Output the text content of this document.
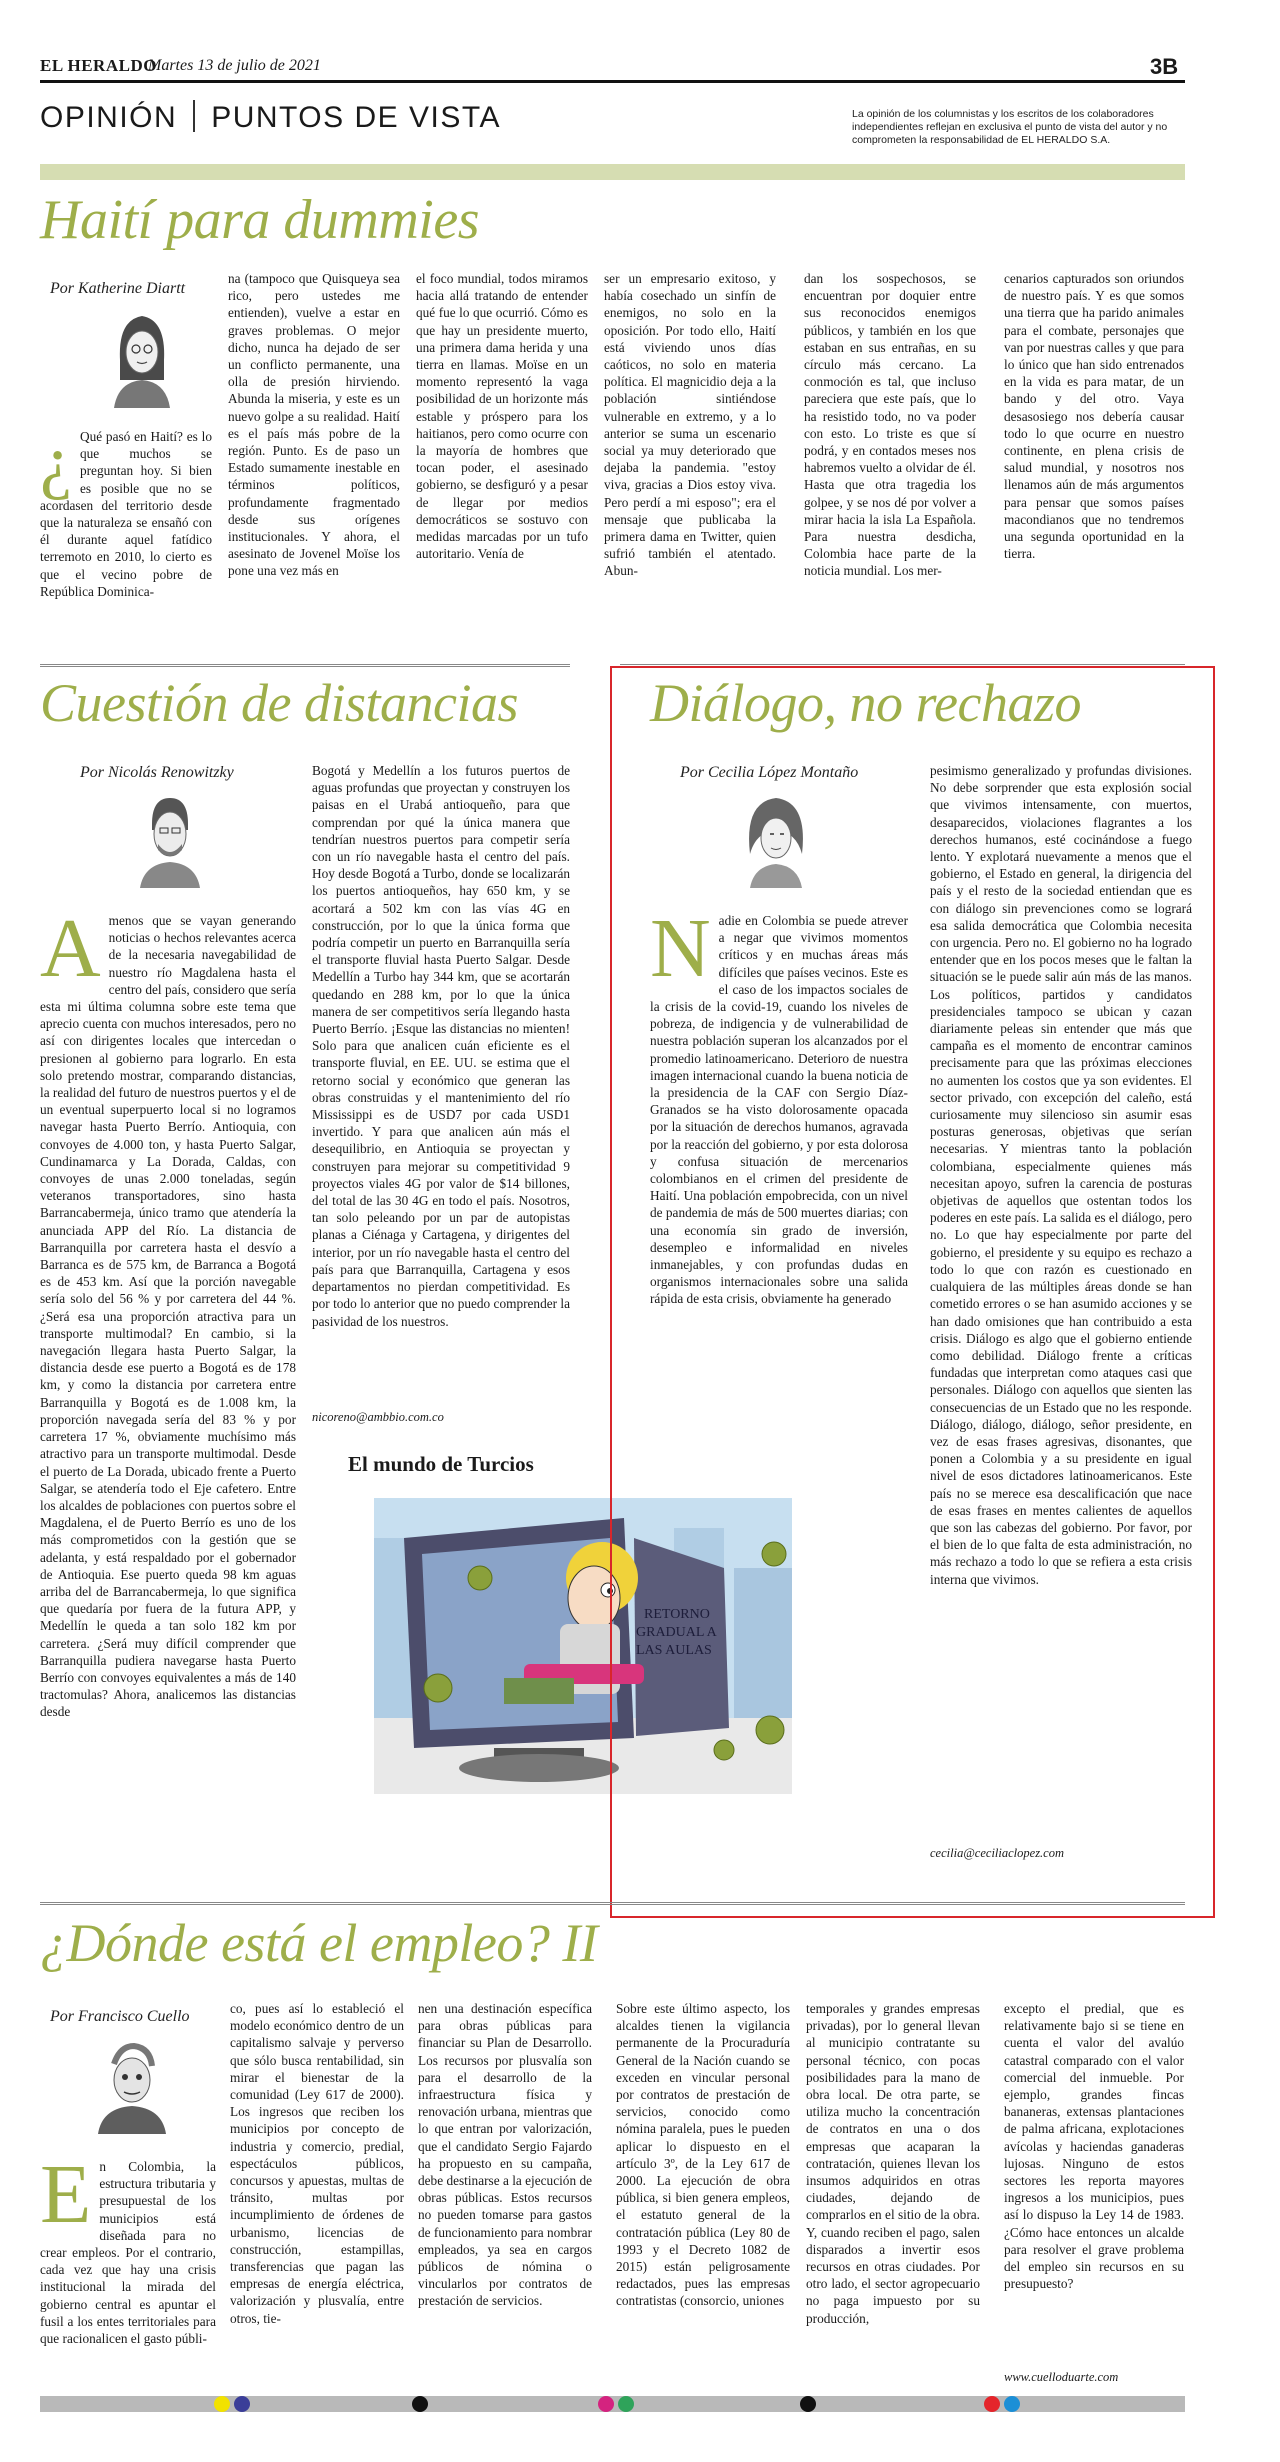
EL HERALDO
Martes 13 de julio de 2021	3B
OPINIÓN PUNTOS DE VISTA	La opinión de los columnistas y los escritos de los colaboradores independientes reflejan en exclusiva el punto de vista del autor y no comprometen la responsabilidad de EL HERALDO S.A.
Haití para dummies
Por Katherine Diartt
¿ Qué pasó en Haití? es lo que muchos se preguntan hoy. Si bien es posible que no se acordasen del territorio desde que la naturaleza se ensañó con él durante aquel fatídico terremoto en 2010, lo cierto es que el vecino pobre de República Dominica-
na (tampoco que Quisqueya sea rico, pero ustedes me entienden), vuelve a estar en graves problemas. O mejor dicho, nunca ha dejado de ser un conflicto permanente, una olla de presión hirviendo. Abunda la miseria, y este es un nuevo golpe a su realidad. Haití es el país más pobre de la región. Punto. Es de paso un Estado sumamente inestable en términos políticos, profundamente fragmentado desde sus orígenes institucionales. Y ahora, el asesinato de Jovenel Moïse los pone una vez más en
el foco mundial, todos miramos hacia allá tratando de entender qué fue lo que ocurrió. Cómo es que hay un presidente muerto, una primera dama herida y una tierra en llamas. Moïse en un momento representó la vaga posibilidad de un horizonte más estable y próspero para los haitianos, pero como ocurre con la mayoría de hombres que tocan poder, el asesinado gobierno, se desfiguró y a pesar de llegar por medios democráticos se sostuvo con medidas marcadas por un tufo autoritario. Venía de
ser un empresario exitoso, y había cosechado un sinfín de enemigos, no solo en la oposición. Por todo ello, Haití está viviendo unos días caóticos, no solo en materia política. El magnicidio deja a la población sintiéndose vulnerable en extremo, y a lo anterior se suma un escenario social ya muy deteriorado que dejaba la pandemia. "estoy viva, gracias a Dios estoy viva. Pero perdí a mi esposo"; era el mensaje que publicaba la primera dama en Twitter, quien sufrió también el atentado. Abun-
dan los sospechosos, se encuentran por doquier entre sus reconocidos enemigos públicos, y también en los que estaban en sus entrañas, en su círculo más cercano. La conmoción es tal, que incluso pareciera que este país, que lo ha resistido todo, no va poder con esto. Lo triste es que sí podrá, y en contados meses nos habremos vuelto a olvidar de él. Hasta que otra tragedia los golpee, y se nos dé por volver a mirar hacia la isla La Española. Para nuestra desdicha, Colombia hace parte de la noticia mundial. Los mer-
cenarios capturados son oriundos de nuestro país. Y es que somos una tierra que ha parido animales para el combate, personajes que van por nuestras calles y que para lo único que han sido entrenados en la vida es para matar, de un bando y del otro. Vaya desasosiego nos debería causar todo lo que ocurre en nuestro continente, en plena crisis de salud mundial, y nosotros nos llenamos aún de más argumentos para pensar que somos países macondianos que no tendremos una segunda oportunidad en la tierra.
Cuestión de distancias
Por Nicolás Renowitzky
Amenos que se vayan generando noticias o hechos relevantes acerca de la necesaria navegabilidad de nuestro río Magdalena hasta el centro del país, considero que sería esta mi última columna sobre este tema que aprecio cuenta con muchos interesados, pero no así con dirigentes locales que intercedan o presionen al gobierno para lograrlo. En esta solo pretendo mostrar, comparando distancias, la realidad del futuro de nuestros puertos y el de un eventual superpuerto local si no logramos navegar hasta Puerto Berrío. Antioquia, con convoyes de 4.000 ton, y hasta Puerto Salgar, Cundinamarca y La Dorada, Caldas, con convoyes de unas 2.000 toneladas, según veteranos transportadores, sino hasta Barrancabermeja, único tramo que atendería la anunciada APP del Río. La distancia de Barranquilla por carretera hasta el desvío a Barranca es de 575 km, de Barranca a Bogotá es de 453 km. Así que la porción navegable sería solo del 56 % y por carretera del 44 %. ¿Será esa una proporción atractiva para un transporte multimodal? En cambio, si la navegación llegara hasta Puerto Salgar, la distancia desde ese puerto a Bogotá es de 178 km, y como la distancia por carretera entre Barranquilla y Bogotá es de 1.008 km, la proporción navegada sería del 83 % y por carretera 17 %, obviamente muchísimo más atractivo para un transporte multimodal. Desde el puerto de La Dorada, ubicado frente a Puerto Salgar, se atendería todo el Eje cafetero. Entre los alcaldes de poblaciones con puertos sobre el Magdalena, el de Puerto Berrío es uno de los más comprometidos con la gestión que se adelanta, y está respaldado por el gobernador de Antioquia. Ese puerto queda 98 km aguas arriba del de Barrancabermeja, lo que significa que quedaría por fuera de la futura APP, y Medellín le queda a tan solo 182 km por carretera. ¿Será muy difícil comprender que Barranquilla pudiera navegarse hasta Puerto Berrío con convoyes equivalentes a más de 140 tractomulas? Ahora, analicemos las distancias desde
Bogotá y Medellín a los futuros puertos de aguas profundas que proyectan y construyen los paisas en el Urabá antioqueño, para que comprendan por qué la única manera que tendrían nuestros puertos para competir sería con un río navegable hasta el centro del país. Hoy desde Bogotá a Turbo, donde se localizarán los puertos antioqueños, hay 650 km, y se acortará a 502 km con las vías 4G en construcción, por lo que la única forma que podría competir un puerto en Barranquilla sería el transporte fluvial hasta Puerto Salgar. Desde Medellín a Turbo hay 344 km, que se acortarán quedando en 288 km, por lo que la única manera de ser competitivos sería llegando hasta Puerto Berrío. ¡Esque las distancias no mienten! Solo para que analicen cuán eficiente es el transporte fluvial, en EE. UU. se estima que el retorno social y económico que generan las obras construidas y el mantenimiento del río Mississippi es de USD7 por cada USD1 invertido. Y para que analicen aún más el desequilibrio, en Antioquia se proyectan y construyen para mejorar su competitividad 9 proyectos viales 4G por valor de $14 billones, del total de las 30 4G en todo el país. Nosotros, tan solo peleando por un par de autopistas planas a Ciénaga y Cartagena, y dirigentes del interior, por un río navegable hasta el centro del país para que Barranquilla, Cartagena y esos departamentos no pierdan competitividad. Es por todo lo anterior que no puedo comprender la pasividad de los nuestros.
nicoreno@ambbio.com.co
El mundo de Turcios
RETORNO
GRADUAL A
LAS AULAS
Diálogo, no rechazo
Por Cecilia López Montaño
Nadie en Colombia se puede atrever a negar que vivimos momentos críticos y en muchas áreas más difíciles que países vecinos. Este es el caso de los impactos sociales de la crisis de la covid-19, cuando los niveles de pobreza, de indigencia y de vulnerabilidad de nuestra población superan los alcanzados por el promedio latinoamericano. Deterioro de nuestra imagen internacional cuando la buena noticia de la presidencia de la CAF con Sergio Díaz-Granados se ha visto dolorosamente opacada por la situación de derechos humanos, agravada por la reacción del gobierno, y por esta dolorosa y confusa situación de mercenarios colombianos en el crimen del presidente de Haití. Una población empobrecida, con un nivel de pandemia de más de 500 muertes diarias; con una economía sin grado de inversión, desempleo e informalidad en niveles inmanejables, y con profundas dudas en organismos internacionales sobre una salida rápida de esta crisis, obviamente ha generado
pesimismo generalizado y profundas divisiones. No debe sorprender que esta explosión social que vivimos intensamente, con muertos, desaparecidos, violaciones flagrantes a los derechos humanos, esté cocinándose a fuego lento. Y explotará nuevamente a menos que el gobierno, el Estado en general, la dirigencia del país y el resto de la sociedad entiendan que es con diálogo sin prevenciones como se logrará esa salida democrática que Colombia necesita con urgencia. Pero no. El gobierno no ha logrado entender que en los pocos meses que le faltan la situación se le puede salir aún más de las manos. Los políticos, partidos y candidatos presidenciales tampoco se ubican y cazan diariamente peleas sin entender que más que campaña es el momento de encontrar caminos precisamente para que las próximas elecciones no aumenten los costos que ya son evidentes. El sector privado, con excepción del caleño, está curiosamente muy silencioso sin asumir esas posturas generosas, objetivas que serían necesarias. Y mientras tanto la población colombiana, especialmente quienes más necesitan apoyo, sufren la carencia de posturas objetivas de aquellos que ostentan todos los poderes en este país. La salida es el diálogo, pero no. Lo que hay especialmente por parte del gobierno, el presidente y su equipo es rechazo a todo lo que con razón es cuestionado en cualquiera de las múltiples áreas donde se han cometido errores o se han asumido acciones y se han dado omisiones que han contribuido a esta crisis. Diálogo es algo que el gobierno entiende como debilidad. Diálogo frente a críticas fundadas que interpretan como ataques casi que personales. Diálogo con aquellos que sienten las consecuencias de un Estado que no les responde. Diálogo, diálogo, diálogo, señor presidente, en vez de esas frases agresivas, disonantes, que ponen a Colombia y a su presidente en igual nivel de esos dictadores latinoamericanos. Este país no se merece esa descalificación que nace de esas frases en mentes calientes de aquellos que son las cabezas del gobierno. Por favor, por el bien de lo que falta de esta administración, no más rechazo a todo lo que se refiera a esta crisis interna que vivimos.
cecilia@ceciliaclopez.com
¿Dónde está el empleo? II
Por Francisco Cuello
En Colombia, la estructura tributaria y presupuestal de los municipios está diseñada para no crear empleos. Por el contrario, cada vez que hay una crisis institucional la mirada del gobierno central es apuntar el fusil a los entes territoriales para que racionalicen el gasto públi-
co, pues así lo estableció el modelo económico dentro de un capitalismo salvaje y perverso que sólo busca rentabilidad, sin mirar el bienestar de la comunidad (Ley 617 de 2000). Los ingresos que reciben los municipios por concepto de industria y comercio, predial, espectáculos públicos, concursos y apuestas, multas de tránsito, multas por incumplimiento de órdenes de urbanismo, licencias de construcción, estampillas, transferencias que pagan las empresas de energía eléctrica, valorización y plusvalía, entre otros, tie-
nen una destinación específica para obras públicas para financiar su Plan de Desarrollo. Los recursos por plusvalía son para el desarrollo de la infraestructura física y renovación urbana, mientras que lo que entran por valorización, que el candidato Sergio Fajardo ha propuesto en su campaña, debe destinarse a la ejecución de obras públicas. Estos recursos no pueden tomarse para gastos de funcionamiento para nombrar empleados, ya sea en cargos públicos de nómina o vincularlos por contratos de prestación de servicios.
Sobre este último aspecto, los alcaldes tienen la vigilancia permanente de la Procuraduría General de la Nación cuando se exceden en vincular personal por contratos de prestación de servicios, conocido como nómina paralela, pues le pueden aplicar lo dispuesto en el artículo 3º, de la Ley 617 de 2000. La ejecución de obra pública, si bien genera empleos, el estatuto general de la contratación pública (Ley 80 de 1993 y el Decreto 1082 de 2015) están peligrosamente redactados, pues las empresas contratistas (consorcio, uniones
temporales y grandes empresas privadas), por lo general llevan al municipio contratante su personal técnico, con pocas posibilidades para la mano de obra local. De otra parte, se utiliza mucho la concentración de contratos en una o dos empresas que acaparan la contratación, quienes llevan los insumos adquiridos en otras ciudades, dejando de comprarlos en el sitio de la obra. Y, cuando reciben el pago, salen disparados a invertir esos recursos en otras ciudades. Por otro lado, el sector agropecuario no paga impuesto por su producción,
excepto el predial, que es relativamente bajo si se tiene en cuenta el valor del avalúo catastral comparado con el valor comercial del inmueble. Por ejemplo, grandes fincas bananeras, extensas plantaciones de palma africana, explotaciones avícolas y haciendas ganaderas lujosas. Ninguno de estos sectores les reporta mayores ingresos a los municipios, pues así lo dispuso la Ley 14 de 1983. ¿Cómo hace entonces un alcalde para resolver el grave problema del empleo sin recursos en su presupuesto?
www.cuelloduarte.com
